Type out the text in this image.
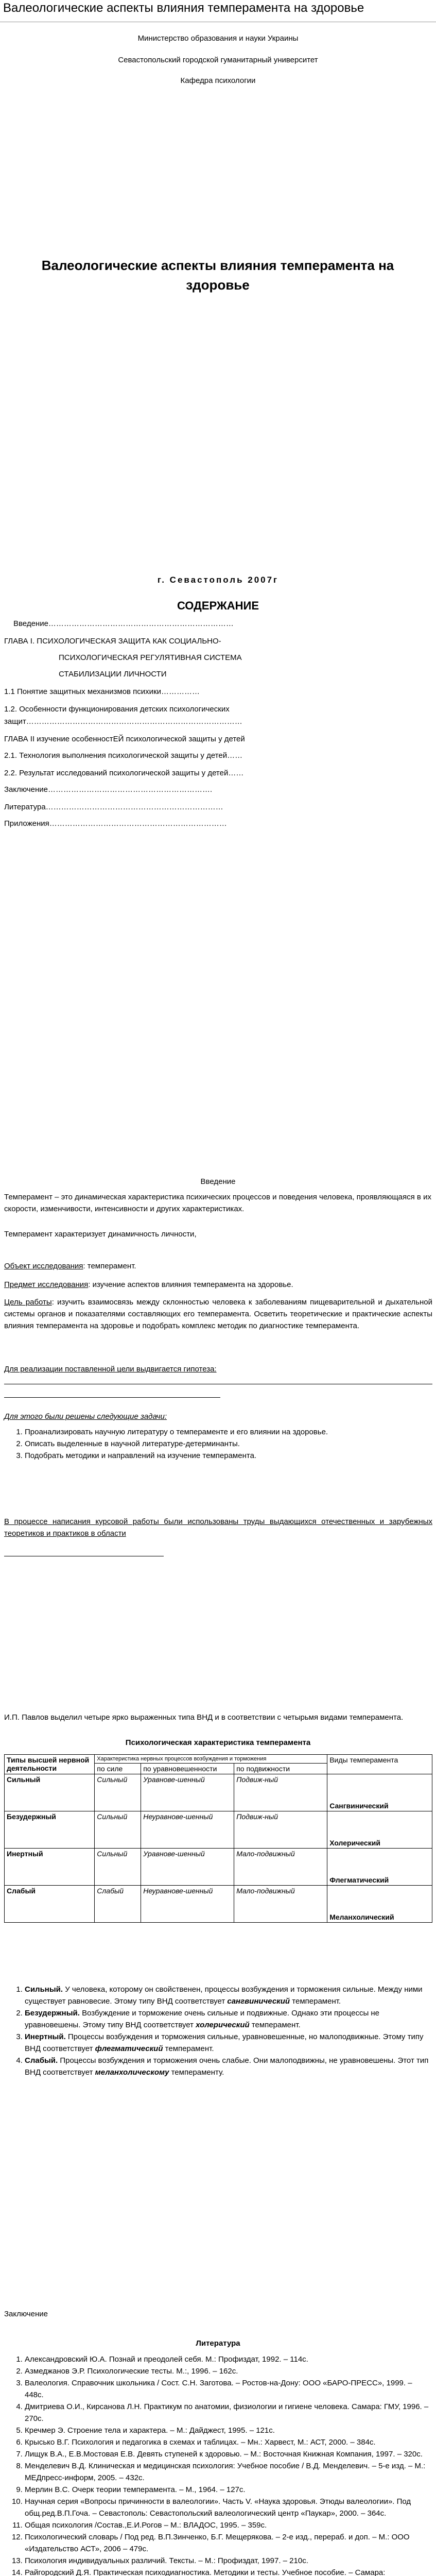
Валеологические аспекты влияния темперамента на здоровье
Министерство образования и науки Украины
Севастопольский городской гуманитарный университет
Кафедра психологии
Валеологические аспекты влияния темперамента на здоровье
г. Севастополь 2007г
СОДЕРЖАНИЕ
Введение………………………………………………………………
ГЛАВА I. ПСИХОЛОГИЧЕСКАЯ ЗАЩИТА КАК СОЦИАЛЬНО-
ПСИХОЛОГИЧЕСКАЯ РЕГУЛЯТИВНАЯ СИСТЕМА
СТАБИЛИЗАЦИИ ЛИЧНОСТИ
1.1 Понятие защитных механизмов психики……………
1.2. Особенности функционирования детских психологических
защит…………………………………………………………………………
ГЛАВА II изучение особенностЕЙ психологической защиты у детей
2.1. Технология выполнения психологической защиты у детей……
2.2. Результат исследований психологической защиты у детей……
Заключение……………………………………………………….
Литература……………………………………………………………
Приложения……………………………………………………………
Введение
Темперамент – это динамическая характеристика психических процессов и поведения человека, проявляющаяся в их скорости, изменчивости, интенсивности и других характеристиках.
Темперамент характеризует динамичность личности,
Объект исследования: темперамент.
Предмет исследования: изучение аспектов влияния темперамента на здоровье.
Цель работы: изучить взаимосвязь между склонностью человека к заболеваниям пищеварительной и дыхательной системы органов и показателями составляющих его темперамента. Осветить теоретические и практические аспекты влияния темперамента на здоровье и подобрать комплекс методик по диагностике темперамента.
Для реализации поставленной цели выдвигается гипотеза:
Для этого были решены следующие задачи:
1. Проанализировать научную литературу о темпераменте и его влиянии на здоровье.
2. Описать выделенные в научной литературе-детерминанты.
3. Подобрать методики и направлений на изучение темперамента.
В процессе написания курсовой работы были использованы труды выдающихся отечественных и зарубежных теоретиков и практиков в области
И.П. Павлов выделил четыре ярко выраженных типа ВНД и в соответствии с четырьмя видами темперамента.
Психологическая характеристика темперамента
Типы высшей нервной деятельности	Характеристика нервных процессов возбуждения и торможения			Виды темперамента
	по силе	по уравновешенности	по подвижности	
Сильный	Сильный	Уравнове-шенный	Подвиж-ный	Сангвинический
Безудержный	Сильный	Неуравнове-шенный	Подвиж-ный	Холерический
Инертный	Сильный	Уравнове-шенный	Мало-подвижный	Флегматический
Слабый	Слабый	Неуравнове-шенный	Мало-подвижный	Меланхолический
1. Сильный. У человека, которому он свойственен, процессы возбуждения и торможения сильные. Между ними существует равновесие. Этому типу ВНД соответствует сангвинический темперамент.
2. Безудержный. Возбуждение и торможение очень сильные и подвижные. Однако эти процессы не уравновешены. Этому типу ВНД соответствует холерический темперамент.
3. Инертный. Процессы возбуждения и торможения сильные, уравновешенные, но малоподвижные. Этому типу ВНД соответствует флегматический темперамент.
4. Слабый. Процессы возбуждения и торможения очень слабые. Они малоподвижны, не уравновешены. Этот тип ВНД соответствует меланхолическому темпераменту.
Заключение
Литература
1. Александровский Ю.А. Познай и преодолей себя. М.: Профиздат, 1992. – 114с.
2. Азмеджанов Э.Р. Психологические тесты. М.:, 1996. – 162с.
3. Валеология. Справочник школьника / Сост. С.Н. Заготова. – Ростов-на-Дону: ООО «БАРО-ПРЕСС», 1999. – 448с.
4. Дмитриева О.И., Кирсанова Л.Н. Практикум по анатомии, физиологии и гигиене человека. Самара: ГМУ, 1996. – 270с.
5. Кречмер Э. Строение тела и характера. – М.: Дайджест, 1995. – 121с.
6. Крысько В.Г. Психология и педагогика в схемах и таблицах. – Мн.: Харвест, М.: АСТ, 2000. – 384с.
7. Лищук В.А., Е.В.Мостовая Е.В. Девять ступеней к здоровью. – М.: Восточная Книжная Компания, 1997. – 320с.
8. Менделевич В.Д. Клиническая и медицинская психология: Учебное пособие / В.Д. Менделевич. – 5-е изд. – М.: МЕДпресс-информ, 2005. – 432с.
9. Мерлин В.С. Очерк теории темперамента. – М., 1964. – 127с.
10. Научная серия «Вопросы причинности в валеологии». Часть V. «Наука здоровья. Этюды валеологии». Под общ.ред.В.П.Гоча. – Севастополь: Севастопольский валеологический центр «Паукар», 2000. – 364с.
11. Общая психология /Состав.,Е.И.Рогов – М.: ВЛАДОС, 1995. – 359с.
12. Психологический словарь / Под ред. В.П.Зинченко, Б.Г. Мещерякова. – 2-е изд., перераб. и доп. – М.: ООО «Издательство АСТ», 2006 – 479с.
13. Психология индивидуальных различий. Тексты. – М.: Профиздат, 1997. – 210с.
14. Райгородский Д.Я. Практическая психодиагностика. Методики и тесты. Учебное пособие. – Самара:
